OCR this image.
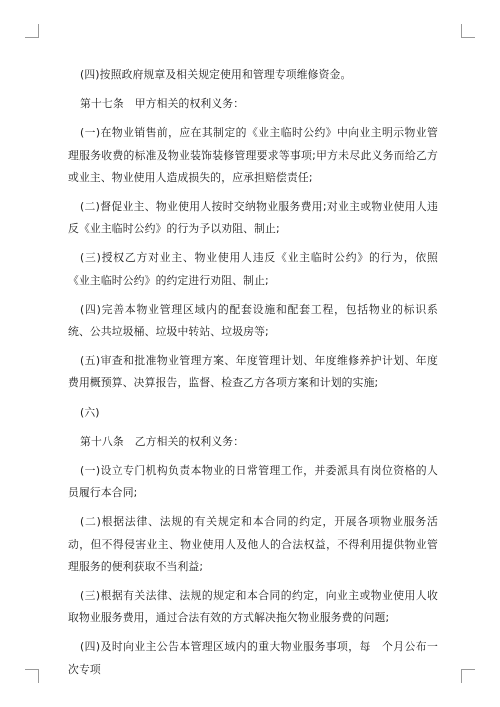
(四)按照政府规章及相关规定使用和管理专项维修资金。

第十七条　甲方相关的权利义务：

(一)在物业销售前，应在其制定的《业主临时公约》中向业主明示物业管理服务收费的标准及物业装饰装修管理要求等事项;甲方未尽此义务而给乙方或业主、物业使用人造成损失的，应承担赔偿责任;

(二)督促业主、物业使用人按时交纳物业服务费用;对业主或物业使用人违反《业主临时公约》的行为予以劝阻、制止;

(三)授权乙方对业主、物业使用人违反《业主临时公约》的行为，依照《业主临时公约》的约定进行劝阻、制止;

(四)完善本物业管理区域内的配套设施和配套工程，包括物业的标识系统、公共垃圾桶、垃圾中转站、垃圾房等;

(五)审查和批准物业管理方案、年度管理计划、年度维修养护计划、年度费用概预算、决算报告，监督、检查乙方各项方案和计划的实施;

(六)

第十八条　乙方相关的权利义务：

(一)设立专门机构负责本物业的日常管理工作，并委派具有岗位资格的人员履行本合同;

(二)根据法律、法规的有关规定和本合同的约定，开展各项物业服务活动，但不得侵害业主、物业使用人及他人的合法权益，不得利用提供物业管理服务的便利获取不当利益;

(三)根据有关法律、法规的规定和本合同的约定，向业主或物业使用人收取物业服务费用，通过合法有效的方式解决拖欠物业服务费的问题;

(四)及时向业主公告本管理区域内的重大物业服务事项，每　个月公布一次专项
